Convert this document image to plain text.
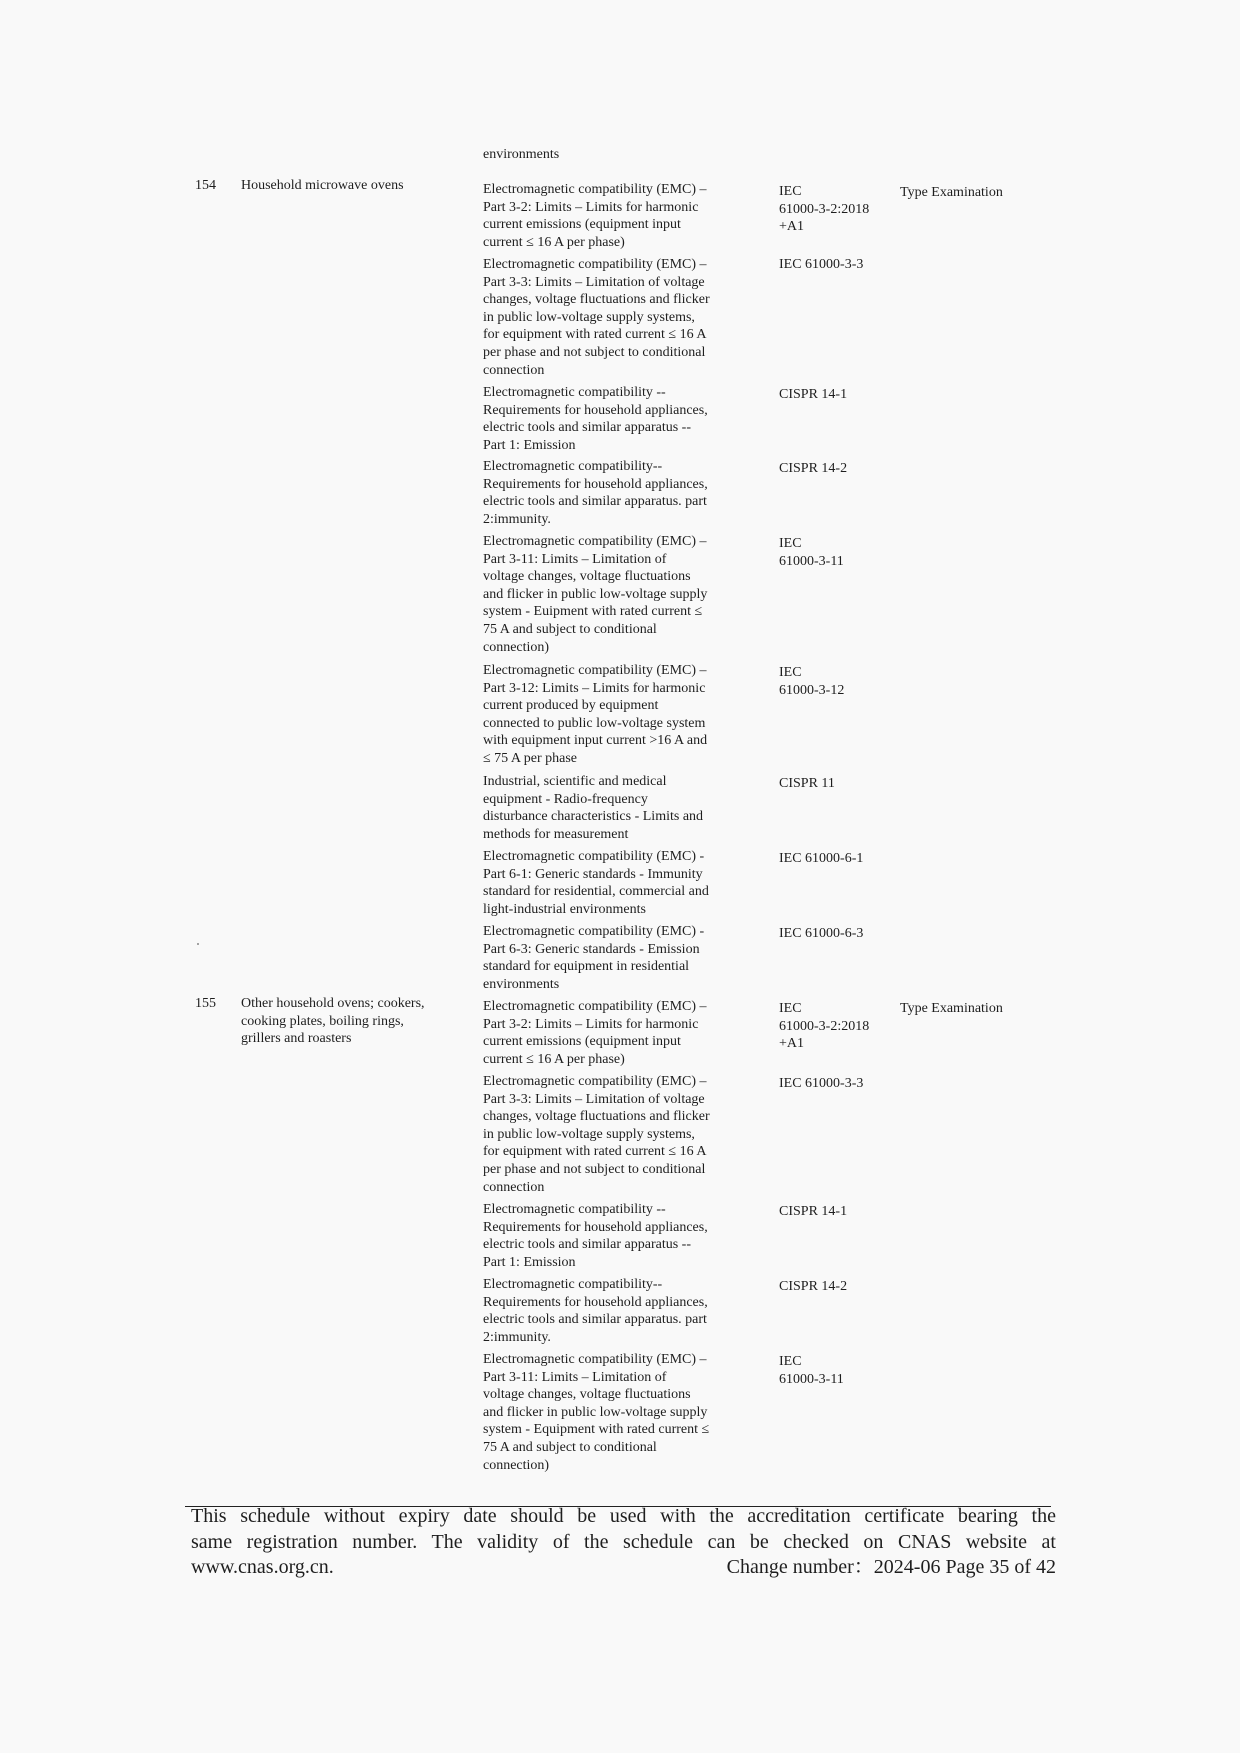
environments
154 Household microwave ovens	Type Examination
Electromagnetic compatibility (EMC) –
Part 3-2: Limits – Limits for harmonic
current emissions (equipment input
current ≤ 16 A per phase)
IEC
61000-3-2:2018
+A1
Electromagnetic compatibility (EMC) –
Part 3-3: Limits – Limitation of voltage
changes, voltage fluctuations and flicker
in public low-voltage supply systems,
for equipment with rated current ≤ 16 A
per phase and not subject to conditional
connection
IEC 61000-3-3
Electromagnetic compatibility --
Requirements for household appliances,
electric tools and similar apparatus --
Part 1: Emission
CISPR 14-1
Electromagnetic compatibility--
Requirements for household appliances,
electric tools and similar apparatus. part
2:immunity.
CISPR 14-2
Electromagnetic compatibility (EMC) –
Part 3-11: Limits – Limitation of
voltage changes, voltage fluctuations
and flicker in public low-voltage supply
system - Euipment with rated current ≤
75 A and subject to conditional
connection)
IEC
61000-3-11
Electromagnetic compatibility (EMC) –
Part 3-12: Limits – Limits for harmonic
current produced by equipment
connected to public low-voltage system
with equipment input current >16 A and
≤ 75 A per phase
IEC
61000-3-12
Industrial, scientific and medical
equipment - Radio-frequency
disturbance characteristics - Limits and
methods for measurement
CISPR 11
Electromagnetic compatibility (EMC) -
Part 6-1: Generic standards - Immunity
standard for residential, commercial and
light-industrial environments
IEC 61000-6-1
Electromagnetic compatibility (EMC) -
Part 6-3: Generic standards - Emission
standard for equipment in residential
environments
IEC 61000-6-3
155 Other household ovens; cookers,
cooking plates, boiling rings,
grillers and roasters
Type Examination
Electromagnetic compatibility (EMC) –
Part 3-2: Limits – Limits for harmonic
current emissions (equipment input
current ≤ 16 A per phase)
IEC
61000-3-2:2018
+A1
Electromagnetic compatibility (EMC) –
Part 3-3: Limits – Limitation of voltage
changes, voltage fluctuations and flicker
in public low-voltage supply systems,
for equipment with rated current ≤ 16 A
per phase and not subject to conditional
connection
IEC 61000-3-3
Electromagnetic compatibility --
Requirements for household appliances,
electric tools and similar apparatus --
Part 1: Emission
CISPR 14-1
Electromagnetic compatibility--
Requirements for household appliances,
electric tools and similar apparatus. part
2:immunity.
CISPR 14-2
Electromagnetic compatibility (EMC) –
Part 3-11: Limits – Limitation of
voltage changes, voltage fluctuations
and flicker in public low-voltage supply
system - Equipment with rated current ≤
75 A and subject to conditional
connection)
IEC
61000-3-11
This schedule without expiry date should be used with the accreditation certificate bearing the
same registration number. The validity of the schedule can be checked on CNAS website at
www.cnas.org.cn.	Change number：2024-06 Page 35 of 42
